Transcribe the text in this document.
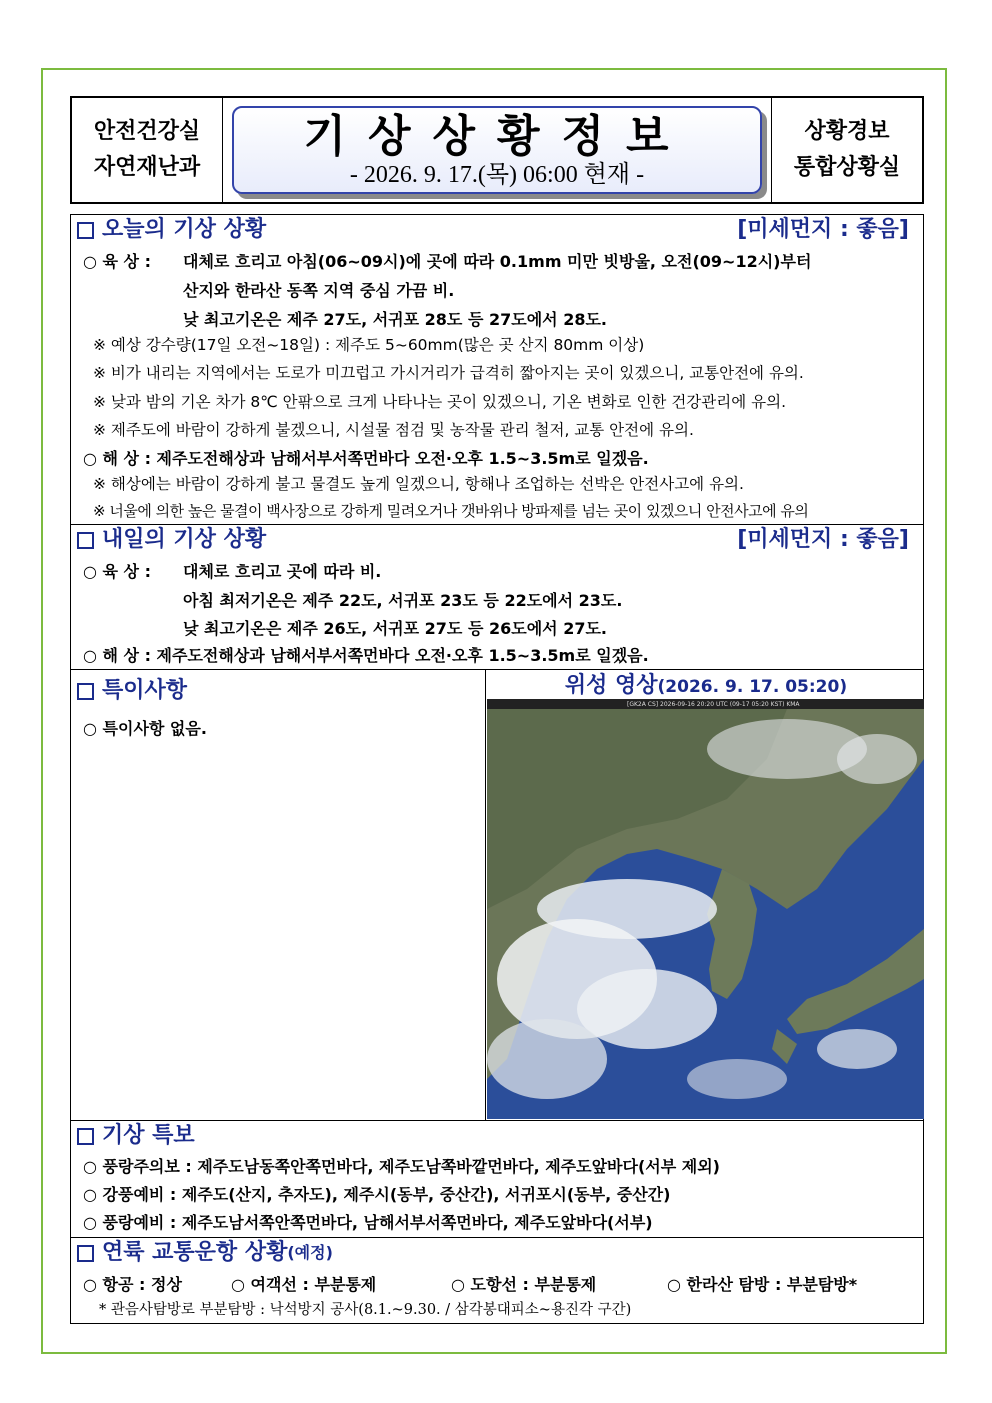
안전건강실
자연재난과
기상상황정보
- 2026. 9. 17.(목) 06:00 현재 -
상황경보
통합상황실
오늘의 기상 상황	[미세먼지 : 좋음]
○ 육 상 : 대체로 흐리고 아침(06~09시)에 곳에 따라 0.1mm 미만 빗방울, 오전(09~12시)부터
산지와 한라산 동쪽 지역 중심 가끔 비.
낮 최고기온은 제주 27도, 서귀포 28도 등 27도에서 28도.
※ 예상 강수량(17일 오전~18일) : 제주도 5~60mm(많은 곳 산지 80mm 이상)
※ 비가 내리는 지역에서는 도로가 미끄럽고 가시거리가 급격히 짧아지는 곳이 있겠으니, 교통안전에 유의.
※ 낮과 밤의 기온 차가 8℃ 안팎으로 크게 나타나는 곳이 있겠으니, 기온 변화로 인한 건강관리에 유의.
※ 제주도에 바람이 강하게 불겠으니, 시설물 점검 및 농작물 관리 철저, 교통 안전에 유의.
○ 해 상 : 제주도전해상과 남해서부서쪽먼바다 오전·오후 1.5~3.5m로 일겠음.
※ 해상에는 바람이 강하게 불고 물결도 높게 일겠으니, 항해나 조업하는 선박은 안전사고에 유의.
※ 너울에 의한 높은 물결이 백사장으로 강하게 밀려오거나 갯바위나 방파제를 넘는 곳이 있겠으니 안전사고에 유의
내일의 기상 상황	[미세먼지 : 좋음]
○ 육 상 : 대체로 흐리고 곳에 따라 비.
아침 최저기온은 제주 22도, 서귀포 23도 등 22도에서 23도.
낮 최고기온은 제주 26도, 서귀포 27도 등 26도에서 27도.
○ 해 상 : 제주도전해상과 남해서부서쪽먼바다 오전·오후 1.5~3.5m로 일겠음.
특이사항
○ 특이사항 없음.
위성 영상(2026. 9. 17. 05:20)
[GK2A CS] 2026-09-16 20:20 UTC (09-17 05:20 KST) KMA
기상 특보
○ 풍랑주의보 : 제주도남동쪽안쪽먼바다, 제주도남쪽바깥먼바다, 제주도앞바다(서부 제외)
○ 강풍예비 : 제주도(산지, 추자도), 제주시(동부, 중산간), 서귀포시(동부, 중산간)
○ 풍랑예비 : 제주도남서쪽안쪽먼바다, 남해서부서쪽먼바다, 제주도앞바다(서부)
연륙 교통운항 상황 (예정)
○ 항공 : 정상	○ 여객선 : 부분통제	○ 도항선 : 부분통제	○ 한라산 탐방 : 부분탐방*
* 관음사탐방로 부분탐방 : 낙석방지 공사(8.1.~9.30. / 삼각봉대피소~용진각 구간)
